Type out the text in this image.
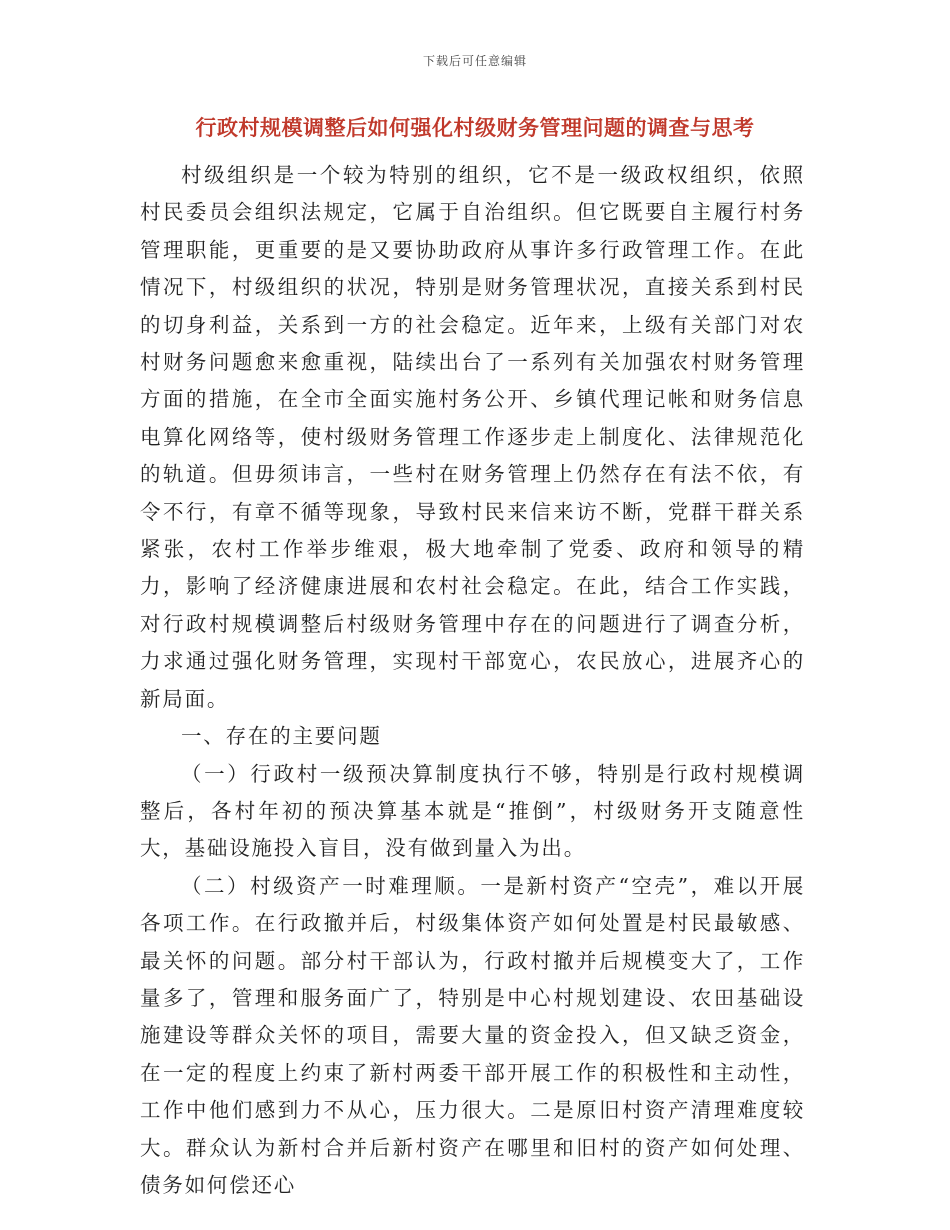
下载后可任意编辑
行政村规模调整后如何强化村级财务管理问题的调查与思考

村级组织是一个较为特别的组织，它不是一级政权组织，依照村民委员会组织法规定，它属于自治组织。但它既要自主履行村务管理职能，更重要的是又要协助政府从事许多行政管理工作。在此情况下，村级组织的状况，特别是财务管理状况，直接关系到村民的切身利益，关系到一方的社会稳定。近年来，上级有关部门对农村财务问题愈来愈重视，陆续出台了一系列有关加强农村财务管理方面的措施，在全市全面实施村务公开、乡镇代理记帐和财务信息电算化网络等，使村级财务管理工作逐步走上制度化、法律规范化的轨道。但毋须讳言，一些村在财务管理上仍然存在有法不依，有令不行，有章不循等现象，导致村民来信来访不断，党群干群关系紧张，农村工作举步维艰，极大地牵制了党委、政府和领导的精力，影响了经济健康进展和农村社会稳定。在此，结合工作实践，对行政村规模调整后村级财务管理中存在的问题进行了调查分析，力求通过强化财务管理，实现村干部宽心，农民放心，进展齐心的新局面。

一、存在的主要问题

（一）行政村一级预决算制度执行不够，特别是行政村规模调整后，各村年初的预决算基本就是“推倒”，村级财务开支随意性大，基础设施投入盲目，没有做到量入为出。

（二）村级资产一时难理顺。一是新村资产“空壳”，难以开展各项工作。在行政撤并后，村级集体资产如何处置是村民最敏感、最关怀的问题。部分村干部认为，行政村撤并后规模变大了，工作量多了，管理和服务面广了，特别是中心村规划建设、农田基础设施建设等群众关怀的项目，需要大量的资金投入，但又缺乏资金，在一定的程度上约束了新村两委干部开展工作的积极性和主动性，工作中他们感到力不从心，压力很大。二是原旧村资产清理难度较大。群众认为新村合并后新村资产在哪里和旧村的资产如何处理、债务如何偿还心
